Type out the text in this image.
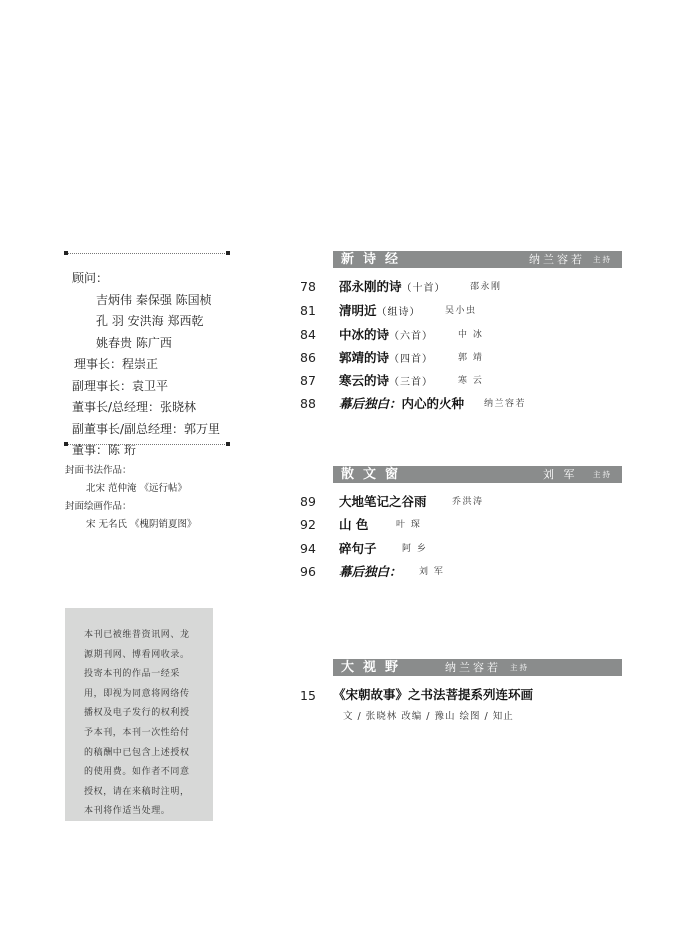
顾问：
吉炳伟 秦保强 陈国桢
孔 羽 安洪海 郑西乾
姚春贵 陈广西
理事长：程崇正
副理事长：袁卫平
董事长/总经理：张晓林
副董事长/副总经理：郭万里
董事：陈 珩
封面书法作品：
北宋 范仲淹 《远行帖》
封面绘画作品：
宋 无名氏 《槐阴销夏图》
本刊已被维普资讯网、龙
源期刊网、博看网收录。
投寄本刊的作品一经采
用，即视为同意将网络传
播权及电子发行的权利授
予本刊，本刊一次性给付
的稿酬中已包含上述授权
的使用费。如作者不同意
授权，请在来稿时注明，
本刊将作适当处理。
新诗经	纳兰容若 主持
78 邵永刚的诗（十首）	邵永刚
81 清明近（组诗）	吴小虫
84 中冰的诗（六首）	中 冰
86 郭靖的诗（四首）	郭 靖
87 寒云的诗（三首）	寒 云
88 幕后独白：内心的火种 纳兰容若
散文窗	刘 军 主持
89 大地笔记之谷雨	乔洪涛
92 山 色	叶 琛
94 碎句子	阿 乡
96 幕后独白： 刘 军
大视野	纳兰容若 主持
15 《宋朝故事》之书法菩提系列连环画
文 / 张晓林 改编 / 豫山 绘图 / 知止
